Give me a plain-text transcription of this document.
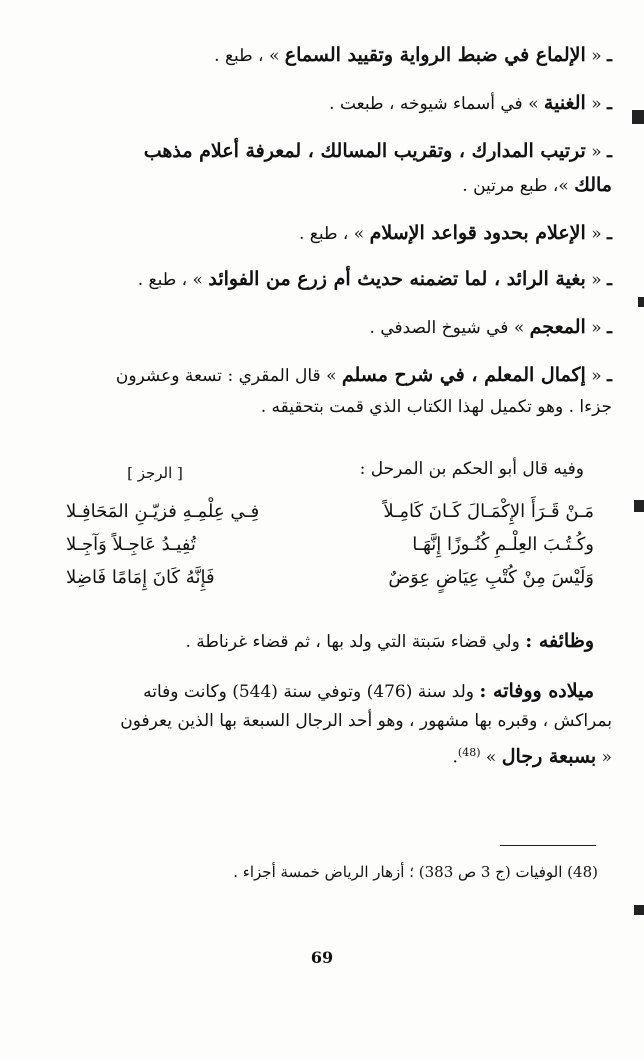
ـ « الإلماع في ضبط الرواية وتقييد السماع » ، طبع .
ـ « الغنية » في أسماء شيوخه ، طبعت .
ـ « ترتيب المدارك ، وتقريب المسالك ، لمعرفة أعلام مذهب
مالك »، طبع مرتين .
ـ « الإعلام بحدود قواعد الإسلام » ، طبع .
ـ « بغية الرائد ، لما تضمنه حديث أم زرع من الفوائد » ، طبع .
ـ « المعجم » في شيوخ الصدفي .
ـ « إكمال المعلم ، في شرح مسلم » قال المقري : تسعة وعشرون
جزءا . وهو تكميل لهذا الكتاب الذي قمت بتحقيقه .
وفيه قال أبو الحكم بن المرحل :
[ الرجز ]
مَـنْ قَـرَأَ الإِكْمَـالَ كَـانَ كَامِـلاً
فِـي عِلْمِـهِ فزيّـنِ المَحَافِـلا
وكُـتُـبَ العِلْـمِ كُنُـوزًا إِنَّهَـا
تُفِيـدُ عَاجِـلاً وَآجِـلا
وَلَيْسَ مِنْ كُتْبِ عِيَاضٍ عِوَضٌ
فَإِنَّهُ كَانَ إِمَامًا فَاضِلا
وظائفه : ولي قضاء سَبتة التي ولد بها ، ثم قضاء غرناطة .
ميلاده ووفاته : ولد سنة (476) وتوفي سنة (544) وكانت وفاته
بمراكش ، وقبره بها مشهور ، وهو أحد الرجال السبعة بها الذين يعرفون
« بسبعة رجال » $^{(48)}$.
(48) الوفيات (ج 3 ص 383) ؛ أزهار الرياض خمسة أجزاء .
69
